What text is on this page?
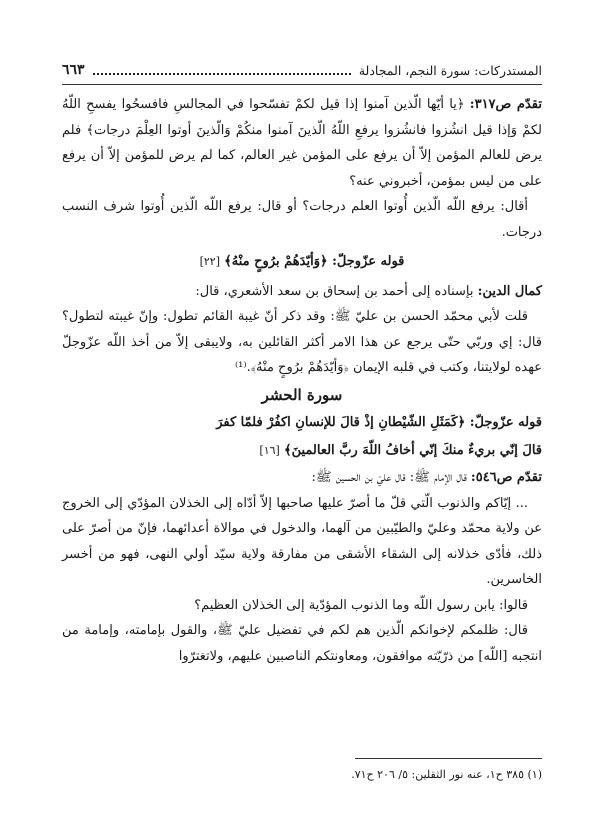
المستدركات: سورة النجم، المجادلة
٦٦٣

تقدّم ص٣١٧: ﴿يا أيّها الّذين آمنوا إذا قيل لكمْ تفسّحوا في المجالسِ فافسحُوا يفسحِ اللّهُ لكمْ وَإذا قيل انشُزوا فانشُزوا يرفعِ اللّهُ الّذينَ آمنوا منكُمْ وَالّذينَ أوتوا العِلْمَ درجات﴾ فلم يرض للعالم المؤمن إلاّ أن يرفع على المؤمن غير العالم، كما لم يرض للمؤمن إلاّ أن يرفع على من ليس بمؤمن، أخبروني عنه؟

أقال: يرفع اللّه الّذين أُوتوا العلم درجات؟ أو قال: يرفع اللّه الّذين أُوتوا شرف النسب درجات.

قوله عزّوجلّ: ﴿وَأيّدَهُمْ برُوحٍ منْهُ﴾ [٢٢]

كمال الدين: بإسناده إلى أحمد بن إسحاق بن سعد الأشعري، قال:

قلت لأبي محمّد الحسن بن عليّ ﷺ: وقد ذكر أنّ غيبة القائم تطول: وإنّ غيبته لتطول؟ قال: إي وربّي حتّى يرجع عن هذا الامر أكثر القائلين به، ولايبقى إلاّ من أخذ اللّه عزّوجلّ عهده لولايتنا، وكتب في قلبه الإيمان ﴿وَأيّدَهُمْ برُوحٍ منْهُ﴾.⁽¹⁾

سورة الحشر

قوله عزّوجلّ: ﴿كَمَثَلِ الشّيْطانِ إذْ قالَ للإنسانِ اكفُرْ فلمّا كفرَ

قالَ إنّي بريءٌ منكَ إنّي أخافُ اللّهَ ربَّ العالمينَ﴾ [١٦]

تقدّم ص٥٤٦: قال الإمام ﷺ: قال عليّ بن الحسين ﷺ:

... إيّاكم والذنوب الّتي قلّ ما أصرّ عليها صاحبها إلاّ أدّاه إلى الخذلان المؤدّي إلى الخروج عن ولاية محمّد وعليّ والطيّبين من آلهما، والدخول في موالاة أعدائهما، فإنّ من أصرّ على ذلك، فأدّى خذلانه إلى الشقاء الأشقى من مفارقة ولاية سيّد أولي النهى، فهو من أخسر الخاسرين.

قالوا: يابن رسول اللّه وما الذنوب المؤدّية إلى الخذلان العظيم؟

قال: ظلمكم لإخوانكم الّذين هم لكم في تفضيل عليّ ﷺ، والقول بإمامته، وإمامة من انتجبه [اللّه] من ذرّيّته موافقون، ومعاونتكم الناصبين عليهم، ولاتغترّوا

(١) ٣٨٥ ح١، عنه نور الثقلين: ٥/ ٢٠٦ ح٧١.
